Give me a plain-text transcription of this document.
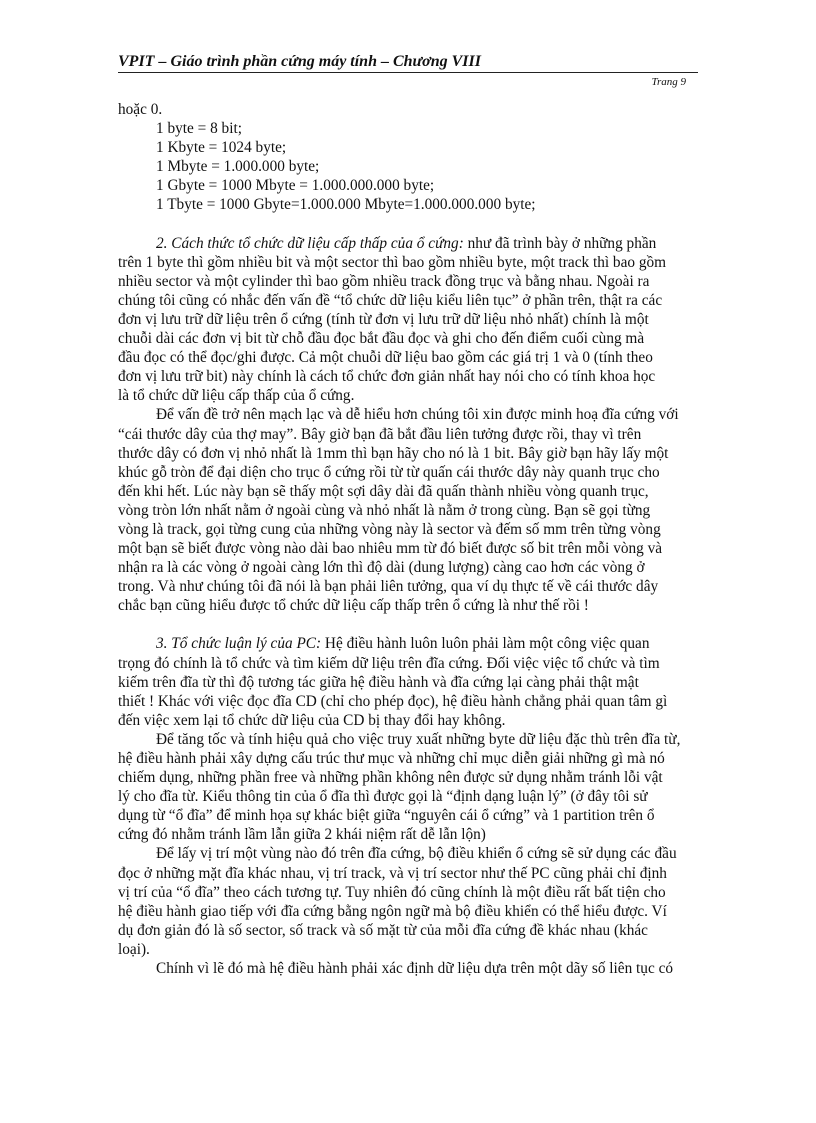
VPIT – Giáo trình phần cứng máy tính – Chương VIII
Trang 9
hoặc 0.
1 byte = 8 bit;
1 Kbyte = 1024 byte;
1 Mbyte = 1.000.000 byte;
1 Gbyte = 1000 Mbyte = 1.000.000.000 byte;
1 Tbyte = 1000 Gbyte=1.000.000 Mbyte=1.000.000.000 byte;
2. Cách thức tổ chức dữ liệu cấp thấp của ổ cứng: như đã trình bày ở những phần
trên 1 byte thì gồm nhiều bit và một sector thì bao gồm nhiều byte, một track thì bao gồm
nhiều sector và một cylinder thì bao gồm nhiều track đồng trục và bằng nhau. Ngoài ra
chúng tôi cũng có nhắc đến vấn đề “tổ chức dữ liệu kiểu liên tục” ở phần trên, thật ra các
đơn vị lưu trữ dữ liệu trên ổ cứng (tính từ đơn vị lưu trữ dữ liệu nhỏ nhất) chính là một
chuỗi dài các đơn vị bit từ chỗ đầu đọc bắt đầu đọc và ghi cho đến điểm cuối cùng mà
đầu đọc có thể đọc/ghi được. Cả một chuỗi dữ liệu bao gồm các giá trị 1 và 0 (tính theo
đơn vị lưu trữ bit) này chính là cách tổ chức đơn giản nhất hay nói cho có tính khoa học
là tổ chức dữ liệu cấp thấp của ổ cứng.
Để vấn đề trở nên mạch lạc và dễ hiểu hơn chúng tôi xin được minh hoạ đĩa cứng với
“cái thước dây của thợ may”. Bây giờ bạn đã bắt đầu liên tưởng được rồi, thay vì trên
thước dây có đơn vị nhỏ nhất là 1mm thì bạn hãy cho nó là 1 bit. Bây giờ bạn hãy lấy một
khúc gỗ tròn để đại diện cho trục ổ cứng rồi từ từ quấn cái thước dây này quanh trục cho
đến khi hết. Lúc này bạn sẽ thấy một sợi dây dài đã quấn thành nhiều vòng quanh trục,
vòng tròn lớn nhất nằm ở ngoài cùng và nhỏ nhất là nằm ở trong cùng. Bạn sẽ gọi từng
vòng là track, gọi từng cung của những vòng này là sector và đếm số mm trên từng vòng
một bạn sẽ biết được vòng nào dài bao nhiêu mm từ đó biết được số bit trên mỗi vòng và
nhận ra là các vòng ở ngoài càng lớn thì độ dài (dung lượng) càng cao hơn các vòng ở
trong. Và như chúng tôi đã nói là bạn phải liên tưởng, qua ví dụ thực tế về cái thước dây
chắc bạn cũng hiểu được tổ chức dữ liệu cấp thấp trên ổ cứng là như thế rồi !
3. Tổ chức luận lý của PC: Hệ điều hành luôn luôn phải làm một công việc quan
trọng đó chính là tổ chức và tìm kiếm dữ liệu trên đĩa cứng. Đối việc việc tổ chức và tìm
kiếm trên đĩa từ thì độ tương tác giữa hệ điều hành và đĩa cứng lại càng phải thật mật
thiết ! Khác với việc đọc đĩa CD (chỉ cho phép đọc), hệ điều hành chẳng phải quan tâm gì
đến việc xem lại tổ chức dữ liệu của CD bị thay đổi hay không.
Để tăng tốc và tính hiệu quả cho việc truy xuất những byte dữ liệu đặc thù trên đĩa từ,
hệ điều hành phải xây dựng cấu trúc thư mục và những chỉ mục diễn giải những gì mà nó
chiếm dụng, những phần free và những phần không nên được sử dụng nhằm tránh lỗi vật
lý cho đĩa từ. Kiểu thông tin của ổ đĩa thì được gọi là “định dạng luận lý” (ở đây tôi sử
dụng từ “ổ đĩa” để minh họa sự khác biệt giữa “nguyên cái ổ cứng” và 1 partition trên ổ
cứng đó nhằm tránh lầm lẫn giữa 2 khái niệm rất dễ lẫn lộn)
Để lấy vị trí một vùng nào đó trên đĩa cứng, bộ điều khiển ổ cứng sẽ sử dụng các đầu
đọc ở những mặt đĩa khác nhau, vị trí track, và vị trí sector như thế PC cũng phải chỉ định
vị trí của “ổ đĩa” theo cách tương tự. Tuy nhiên đó cũng chính là một điều rất bất tiện cho
hệ điều hành giao tiếp với đĩa cứng bằng ngôn ngữ mà bộ điều khiển có thể hiểu được. Ví
dụ đơn giản đó là số sector, số track và số mặt từ của mỗi đĩa cứng đề khác nhau (khác
loại).
Chính vì lẽ đó mà hệ điều hành phải xác định dữ liệu dựa trên một dãy số liên tục có
